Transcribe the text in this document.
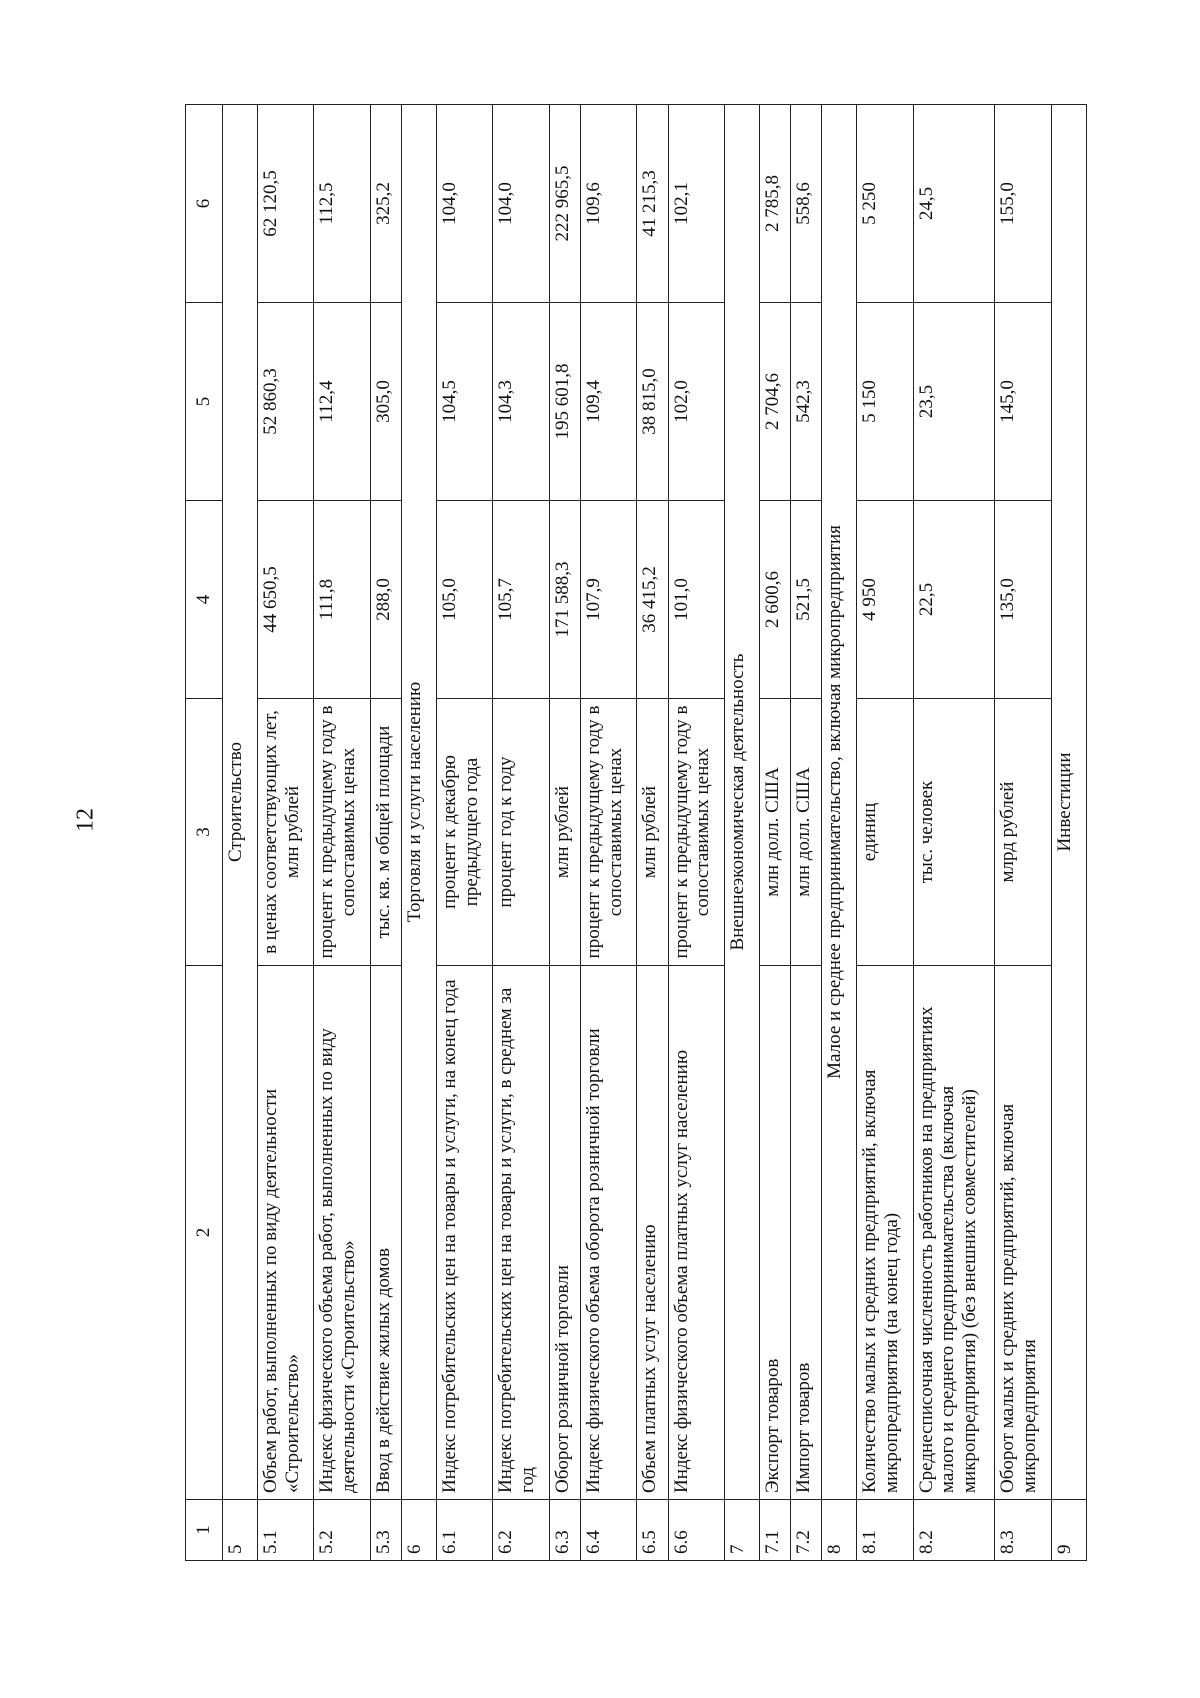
12
1	2	3	4	5	6
5	Строительство				
5.1	Объем работ, выполненных по виду деятельности «Строительство»	в ценах соответствующих лет, млн рублей	44 650,5	52 860,3	62 120,5
5.2	Индекс физического объема работ, выполненных по виду деятельности «Строительство»	процент к предыдущему году в сопоставимых ценах	111,8	112,4	112,5
5.3	Ввод в действие жилых домов	тыс. кв. м общей площади	288,0	305,0	325,2
6	Торговля и услуги населению				
6.1	Индекс потребительских цен на товары и услуги, на конец года	процент к декабрю предыдущего года	105,0	104,5	104,0
6.2	Индекс потребительских цен на товары и услуги, в среднем за год	процент год к году	105,7	104,3	104,0
6.3	Оборот розничной торговли	млн рублей	171 588,3	195 601,8	222 965,5
6.4	Индекс физического объема оборота розничной торговли	процент к предыдущему году в сопоставимых ценах	107,9	109,4	109,6
6.5	Объем платных услуг населению	млн рублей	36 415,2	38 815,0	41 215,3
6.6	Индекс физического объема платных услуг населению	процент к предыдущему году в сопоставимых ценах	101,0	102,0	102,1
7	Внешнеэкономическая деятельность				
7.1	Экспорт товаров	млн долл. США	2 600,6	2 704,6	2 785,8
7.2	Импорт товаров	млн долл. США	521,5	542,3	558,6
8	Малое и среднее предпринимательство, включая микропредприятия				
8.1	Количество малых и средних предприятий, включая микропредприятия (на конец года)	единиц	4 950	5 150	5 250
8.2	Среднесписочная численность работников на предприятиях малого и среднего предпринимательства (включая микропредприятия) (без внешних совместителей)	тыс. человек	22,5	23,5	24,5
8.3	Оборот малых и средних предприятий, включая микропредприятия	млрд рублей	135,0	145,0	155,0
9	Инвестиции				
